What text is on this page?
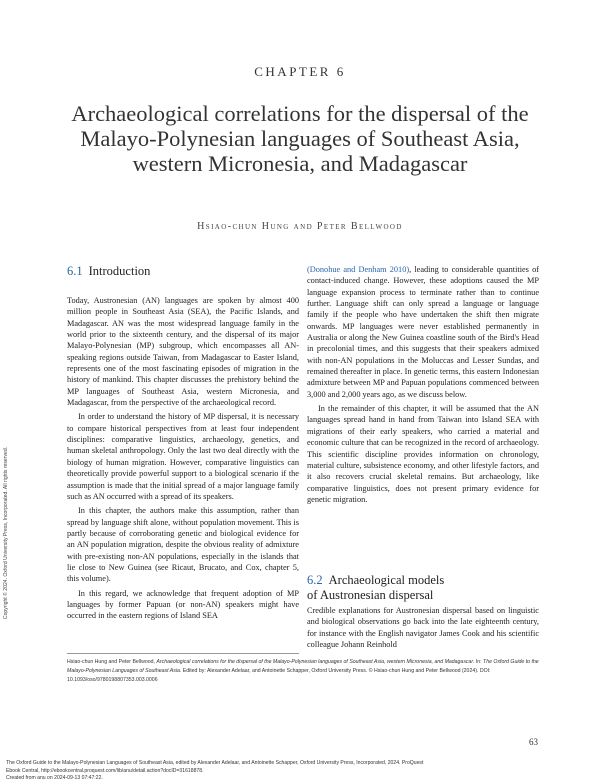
CHAPTER 6
Archaeological correlations for the dispersal of the Malayo-Polynesian languages of Southeast Asia, western Micronesia, and Madagascar
Hsiao-chun Hung and Peter Bellwood
6.1 Introduction

Today, Austronesian (AN) languages are spoken by almost 400 million people in Southeast Asia (SEA), the Pacific Islands, and Madagascar. AN was the most widespread language family in the world prior to the sixteenth century, and the dispersal of its major Malayo-Polynesian (MP) subgroup, which encompasses all AN-speaking regions outside Taiwan, from Madagascar to Easter Island, represents one of the most fascinating episodes of migration in the history of mankind. This chapter discusses the prehistory behind the MP languages of Southeast Asia, western Micronesia, and Madagascar, from the perspective of the archaeological record.

In order to understand the history of MP dispersal, it is necessary to compare historical perspectives from at least four independent disciplines: comparative linguistics, archaeology, genetics, and human skeletal anthropology. Only the last two deal directly with the biology of human migration. However, comparative linguistics can theoretically provide powerful support to a biological scenario if the assumption is made that the initial spread of a major language family such as AN occurred with a spread of its speakers.

In this chapter, the authors make this assumption, rather than spread by language shift alone, without population movement. This is partly because of corroborating genetic and biological evidence for an AN population migration, despite the obvious reality of admixture with pre-existing non-AN populations, especially in the islands that lie close to New Guinea (see Ricaut, Brucato, and Cox, chapter 5, this volume).

In this regard, we acknowledge that frequent adoption of MP languages by former Papuan (or non-AN) speakers might have occurred in the eastern regions of Island SEA

(Donohue and Denham 2010), leading to considerable quantities of contact-induced change. However, these adoptions caused the MP language expansion process to terminate rather than to continue further. Language shift can only spread a language or language family if the people who have undertaken the shift then migrate onwards. MP languages were never established permanently in Australia or along the New Guinea coastline south of the Bird's Head in precolonial times, and this suggests that their speakers admixed with non-AN populations in the Moluccas and Lesser Sundas, and remained thereafter in place. In genetic terms, this eastern Indonesian admixture between MP and Papuan populations commenced between 3,000 and 2,000 years ago, as we discuss below.

In the remainder of this chapter, it will be assumed that the AN languages spread hand in hand from Taiwan into Island SEA with migrations of their early speakers, who carried a material and economic culture that can be recognized in the record of archaeology. This scientific discipline provides information on chronology, material culture, subsistence economy, and other lifestyle factors, and it also recovers crucial skeletal remains. But archaeology, like comparative linguistics, does not present primary evidence for genetic migration.

6.2 Archaeological models
of Austronesian dispersal

Credible explanations for Austronesian dispersal based on linguistic and biological observations go back into the late eighteenth century, for instance with the English navigator James Cook and his scientific colleague Johann Reinhold

Hsiao-chun Hung and Peter Bellwood, Archaeological correlations for the dispersal of the Malayo-Polynesian languages of Southeast Asia, western Micronesia, and Madagascar. In: The Oxford Guide to the Malayo-Polynesian Languages of Southeast Asia. Edited by: Alexander Adelaar, and Antoinette Schapper, Oxford University Press. © Hsiao-chun Hung and Peter Bellwood (2024). DOI: 10.1093/oso/9780198807353.003.0006
63
The Oxford Guide to the Malayo-Polynesian Languages of Southeast Asia, edited by Alexander Adelaar, and Antoinette Schapper, Oxford University Press, Incorporated, 2024. ProQuest
Ebook Central, http://ebookcentral.proquest.com/lib/anu/detail.action?docID=31618878.
Created from anu on 2024-09-13 07:47:22.
Copyright © 2024. Oxford University Press, Incorporated. All rights reserved.
